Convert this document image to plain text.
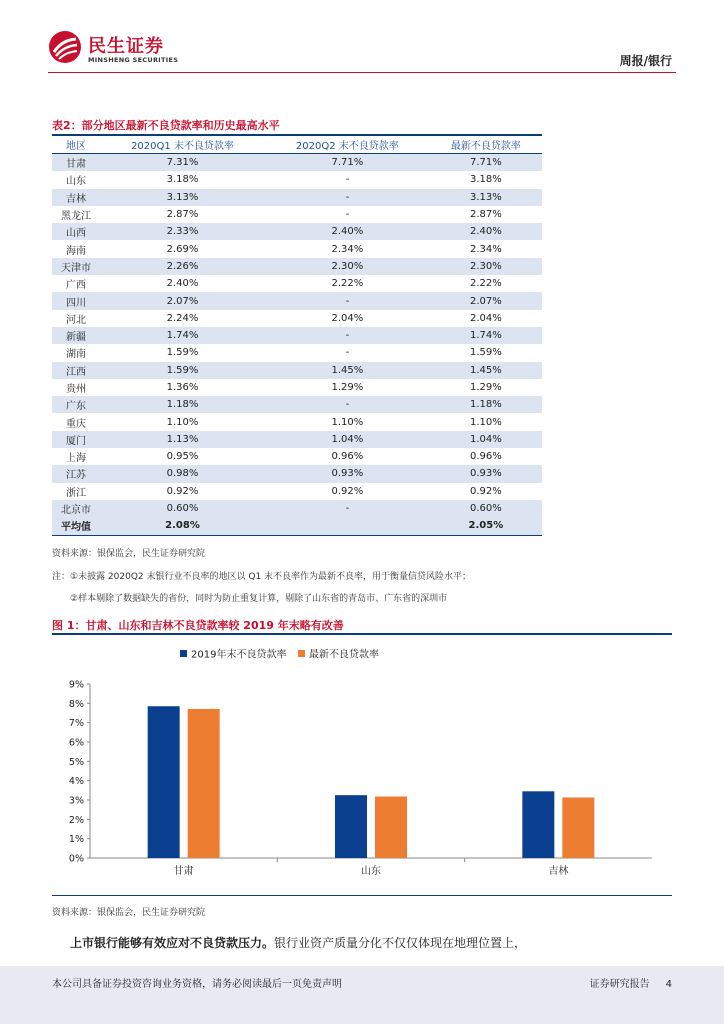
民生证券
MINSHENG SECURITIES	周报/银行
表2：部分地区最新不良贷款率和历史最高水平
地区	2020Q1 末不良贷款率	2020Q2 末不良贷款率	最新不良贷款率
甘肃	7.31%	7.71%	7.71%
山东	3.18%	-	3.18%
吉林	3.13%	-	3.13%
黑龙江	2.87%	-	2.87%
山西	2.33%	2.40%	2.40%
海南	2.69%	2.34%	2.34%
天津市	2.26%	2.30%	2.30%
广西	2.40%	2.22%	2.22%
四川	2.07%	-	2.07%
河北	2.24%	2.04%	2.04%
新疆	1.74%	-	1.74%
湖南	1.59%	-	1.59%
江西	1.59%	1.45%	1.45%
贵州	1.36%	1.29%	1.29%
广东	1.18%	-	1.18%
重庆	1.10%	1.10%	1.10%
厦门	1.13%	1.04%	1.04%
上海	0.95%	0.96%	0.96%
江苏	0.98%	0.93%	0.93%
浙江	0.92%	0.92%	0.92%
北京市	0.60%	-	0.60%
平均值	2.08%		2.05%
资料来源：银保监会，民生证券研究院
注：①未披露 2020Q2 末银行业不良率的地区以 Q1 末不良率作为最新不良率，用于衡量信贷风险水平；
②样本剔除了数据缺失的省份，同时为防止重复计算，剔除了山东省的青岛市、广东省的深圳市
图 1：甘肃、山东和吉林不良贷款率较 2019 年末略有改善
2019年末不良贷款率 最新不良贷款率
0%
1%
2%
3%
4%
5%
6%
7%
8%
9%
甘肃	山东	吉林
资料来源：银保监会，民生证券研究院
上市银行能够有效应对不良贷款压力。银行业资产质量分化不仅仅体现在地理位置上，
本公司具备证券投资咨询业务资格，请务必阅读最后一页免责声明	证券研究报告 4
